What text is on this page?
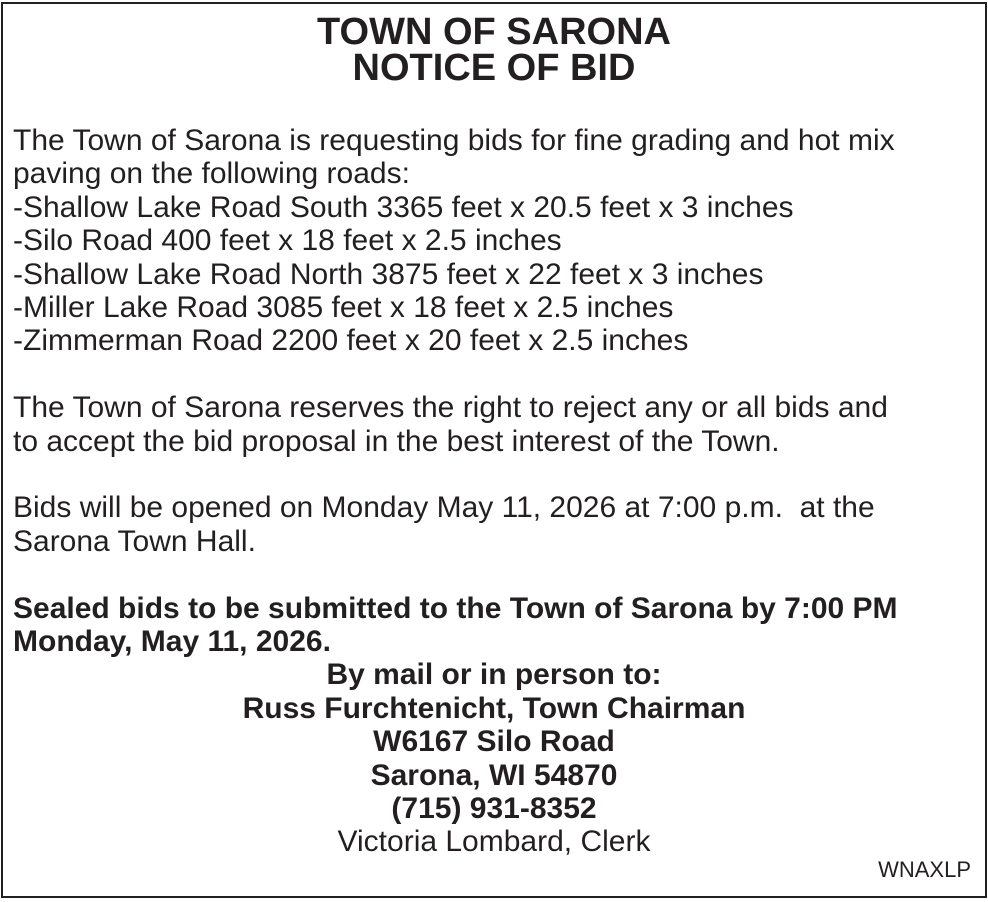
TOWN OF SARONA
NOTICE OF BID
The Town of Sarona is requesting bids for fine grading and hot mix
paving on the following roads:
-Shallow Lake Road South 3365 feet x 20.5 feet x 3 inches
-Silo Road 400 feet x 18 feet x 2.5 inches
-Shallow Lake Road North 3875 feet x 22 feet x 3 inches
-Miller Lake Road 3085 feet x 18 feet x 2.5 inches
-Zimmerman Road 2200 feet x 20 feet x 2.5 inches
The Town of Sarona reserves the right to reject any or all bids and
to accept the bid proposal in the best interest of the Town.
Bids will be opened on Monday May 11, 2026 at 7:00 p.m.  at the
Sarona Town Hall.
Sealed bids to be submitted to the Town of Sarona by 7:00 PM
Monday, May 11, 2026.
By mail or in person to:
Russ Furchtenicht, Town Chairman
W6167 Silo Road
Sarona, WI 54870
(715) 931-8352
Victoria Lombard, Clerk
WNAXLP
